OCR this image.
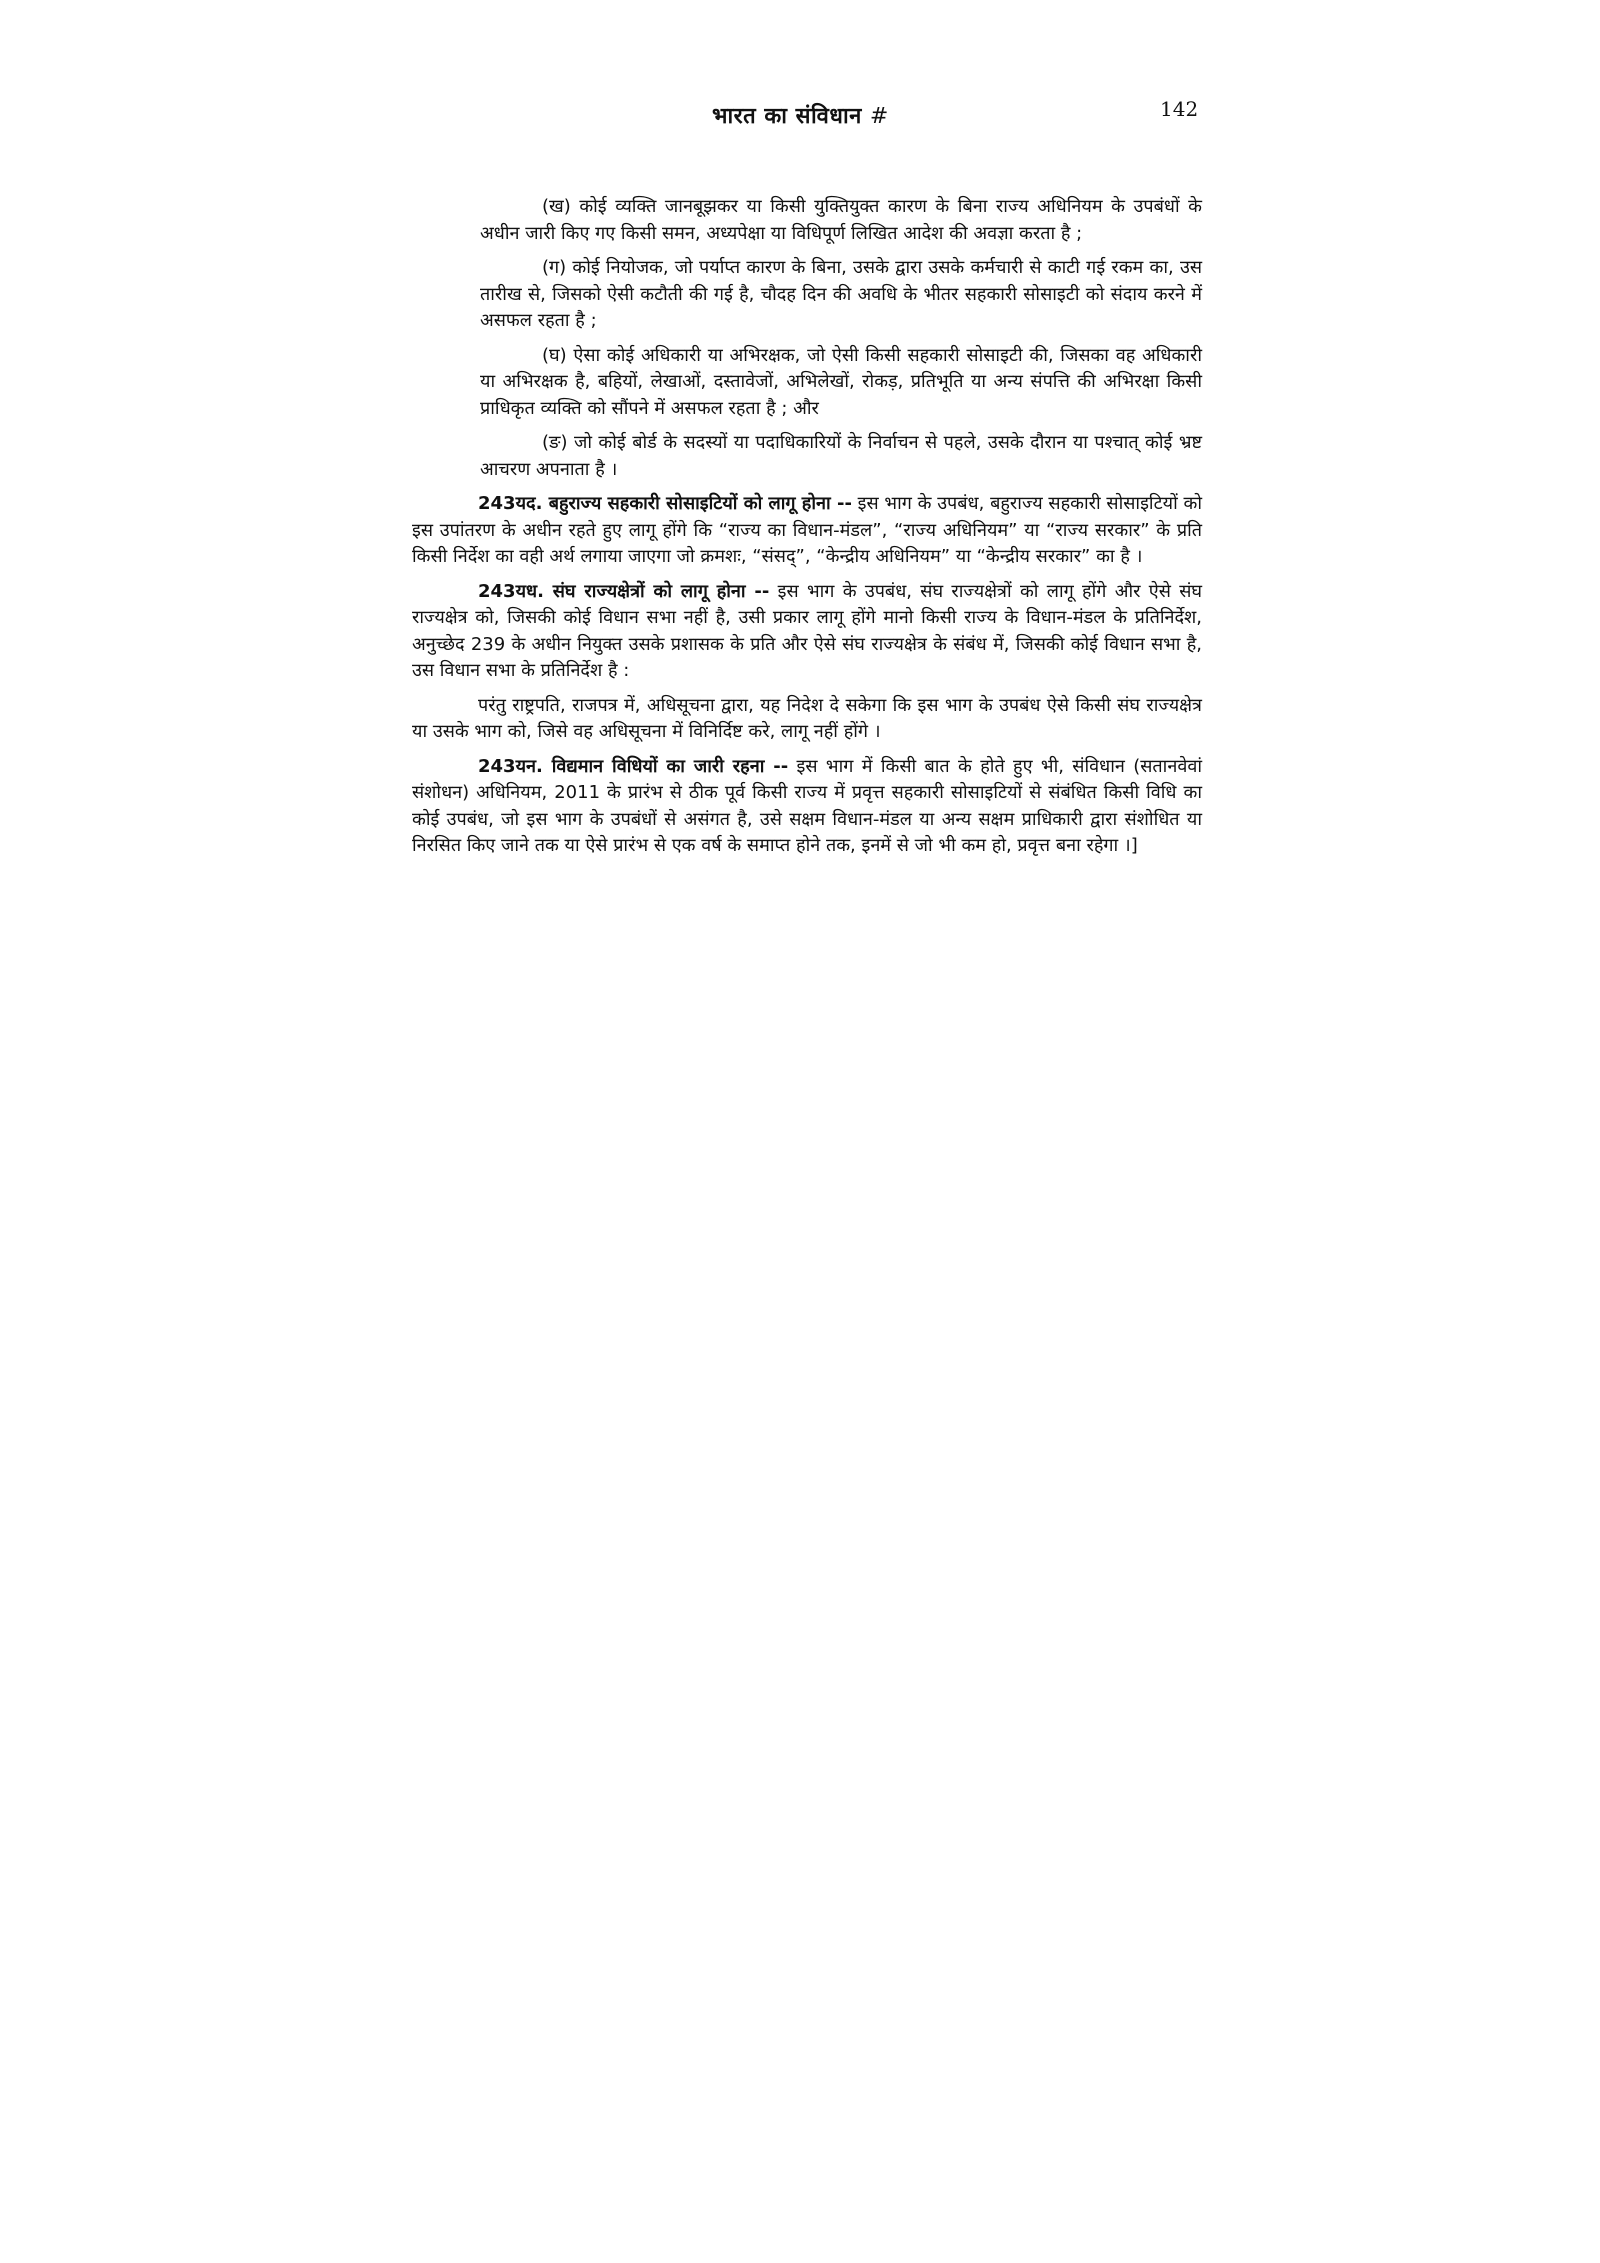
भारत का संविधान #	142

(ख) कोई व्यक्ति जानबूझकर या किसी युक्तियुक्त कारण के बिना राज्य अधिनियम के उपबंधों के अधीन जारी किए गए किसी समन, अध्यपेक्षा या विधिपूर्ण लिखित आदेश की अवज्ञा करता है ;

(ग) कोई नियोजक, जो पर्याप्त कारण के बिना, उसके द्वारा उसके कर्मचारी से काटी गई रकम का, उस तारीख से, जिसको ऐसी कटौती की गई है, चौदह दिन की अवधि के भीतर सहकारी सोसाइटी को संदाय करने में असफल रहता है ;

(घ) ऐसा कोई अधिकारी या अभिरक्षक, जो ऐसी किसी सहकारी सोसाइटी की, जिसका वह अधिकारी या अभिरक्षक है, बहियों, लेखाओं, दस्तावेजों, अभिलेखों, रोकड़, प्रतिभूति या अन्य संपत्ति की अभिरक्षा किसी प्राधिकृत व्यक्ति को सौंपने में असफल रहता है ; और

(ङ) जो कोई बोर्ड के सदस्यों या पदाधिकारियों के निर्वाचन से पहले, उसके दौरान या पश्चात् कोई भ्रष्ट आचरण अपनाता है ।

243यद. बहुराज्य सहकारी सोसाइटियों को लागू होना -- इस भाग के उपबंध, बहुराज्य सहकारी सोसाइटियों को इस उपांतरण के अधीन रहते हुए लागू होंगे कि “राज्य का विधान-मंडल”, “राज्य अधिनियम” या “राज्य सरकार” के प्रति किसी निर्देश का वही अर्थ लगाया जाएगा जो क्रमशः, “संसद्”, “केन्द्रीय अधिनियम” या “केन्द्रीय सरकार” का है ।

243यध. संघ राज्यक्षेत्रों को लागू होना -- इस भाग के उपबंध, संघ राज्यक्षेत्रों को लागू होंगे और ऐसे संघ राज्यक्षेत्र को, जिसकी कोई विधान सभा नहीं है, उसी प्रकार लागू होंगे मानो किसी राज्य के विधान-मंडल के प्रतिनिर्देश, अनुच्छेद 239 के अधीन नियुक्त उसके प्रशासक के प्रति और ऐसे संघ राज्यक्षेत्र के संबंध में, जिसकी कोई विधान सभा है, उस विधान सभा के प्रतिनिर्देश है :

परंतु राष्ट्रपति, राजपत्र में, अधिसूचना द्वारा, यह निदेश दे सकेगा कि इस भाग के उपबंध ऐसे किसी संघ राज्यक्षेत्र या उसके भाग को, जिसे वह अधिसूचना में विनिर्दिष्ट करे, लागू नहीं होंगे ।

243यन. विद्यमान विधियों का जारी रहना -- इस भाग में किसी बात के होते हुए भी, संविधान (सतानवेवां संशोधन) अधिनियम, 2011 के प्रारंभ से ठीक पूर्व किसी राज्य में प्रवृत्त सहकारी सोसाइटियों से संबंधित किसी विधि का कोई उपबंध, जो इस भाग के उपबंधों से असंगत है, उसे सक्षम विधान-मंडल या अन्य सक्षम प्राधिकारी द्वारा संशोधित या निरसित किए जाने तक या ऐसे प्रारंभ से एक वर्ष के समाप्त होने तक, इनमें से जो भी कम हो, प्रवृत्त बना रहेगा ।]
